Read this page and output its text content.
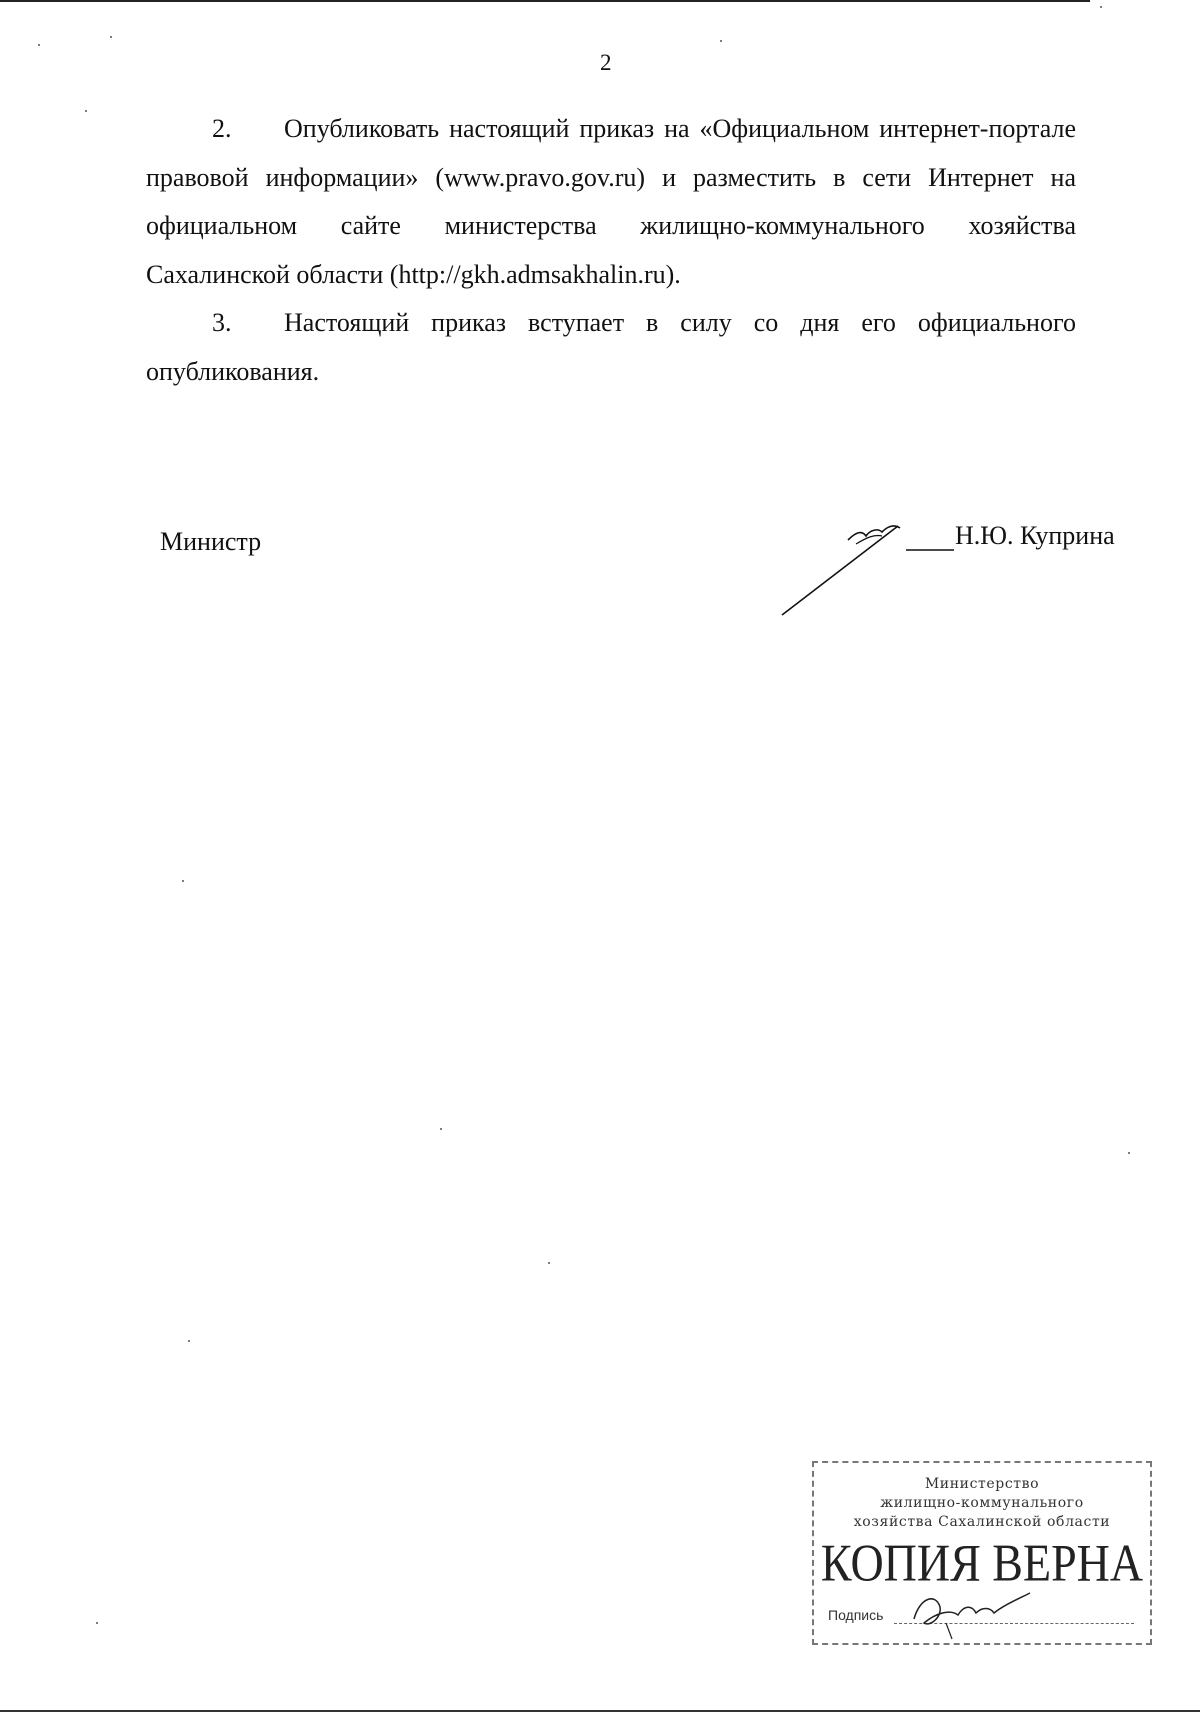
2
2. Опубликовать настоящий приказ на «Официальном интернет-портале правовой информации» (www.pravo.gov.ru) и разместить в сети Интернет на официальном сайте министерства жилищно-коммунального хозяйства Сахалинской области (http://gkh.admsakhalin.ru).
3. Настоящий приказ вступает в силу со дня его официального опубликования.
Министр	Н.Ю. Куприна
Министерство
жилищно-коммунального
хозяйства Сахалинской области
КОПИЯ ВЕРНА
Подпись
